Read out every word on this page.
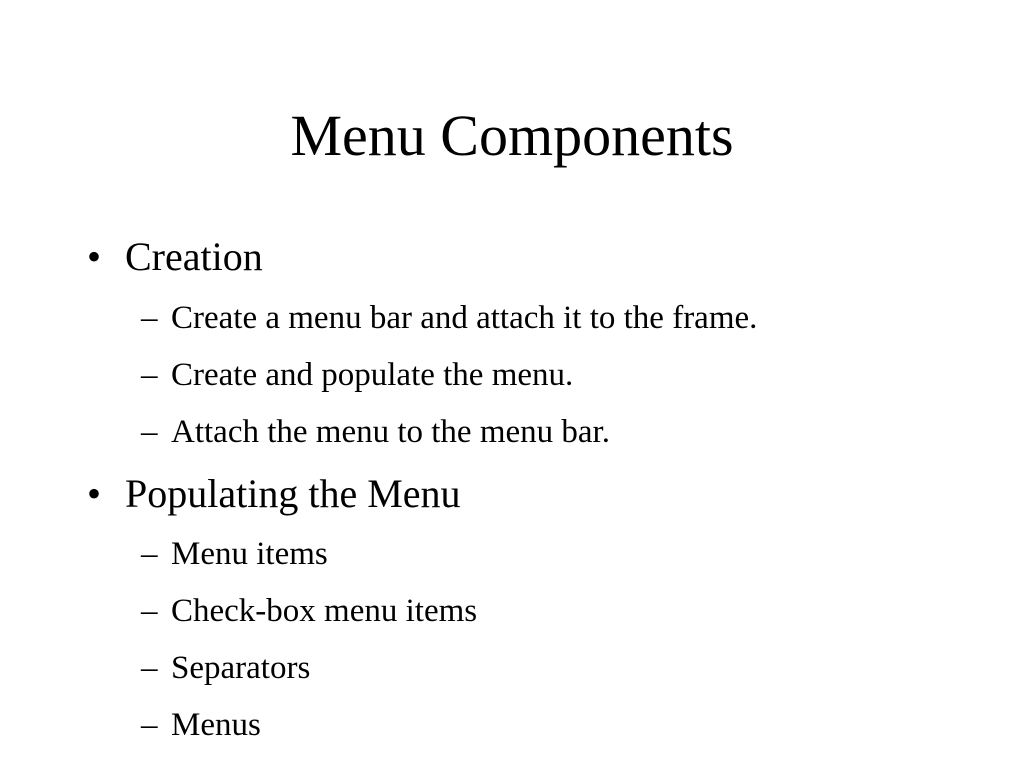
Menu Components
• Creation
– Create a menu bar and attach it to the frame.
– Create and populate the menu.
– Attach the menu to the menu bar.
• Populating the Menu
– Menu items
– Check-box menu items
– Separators
– Menus
